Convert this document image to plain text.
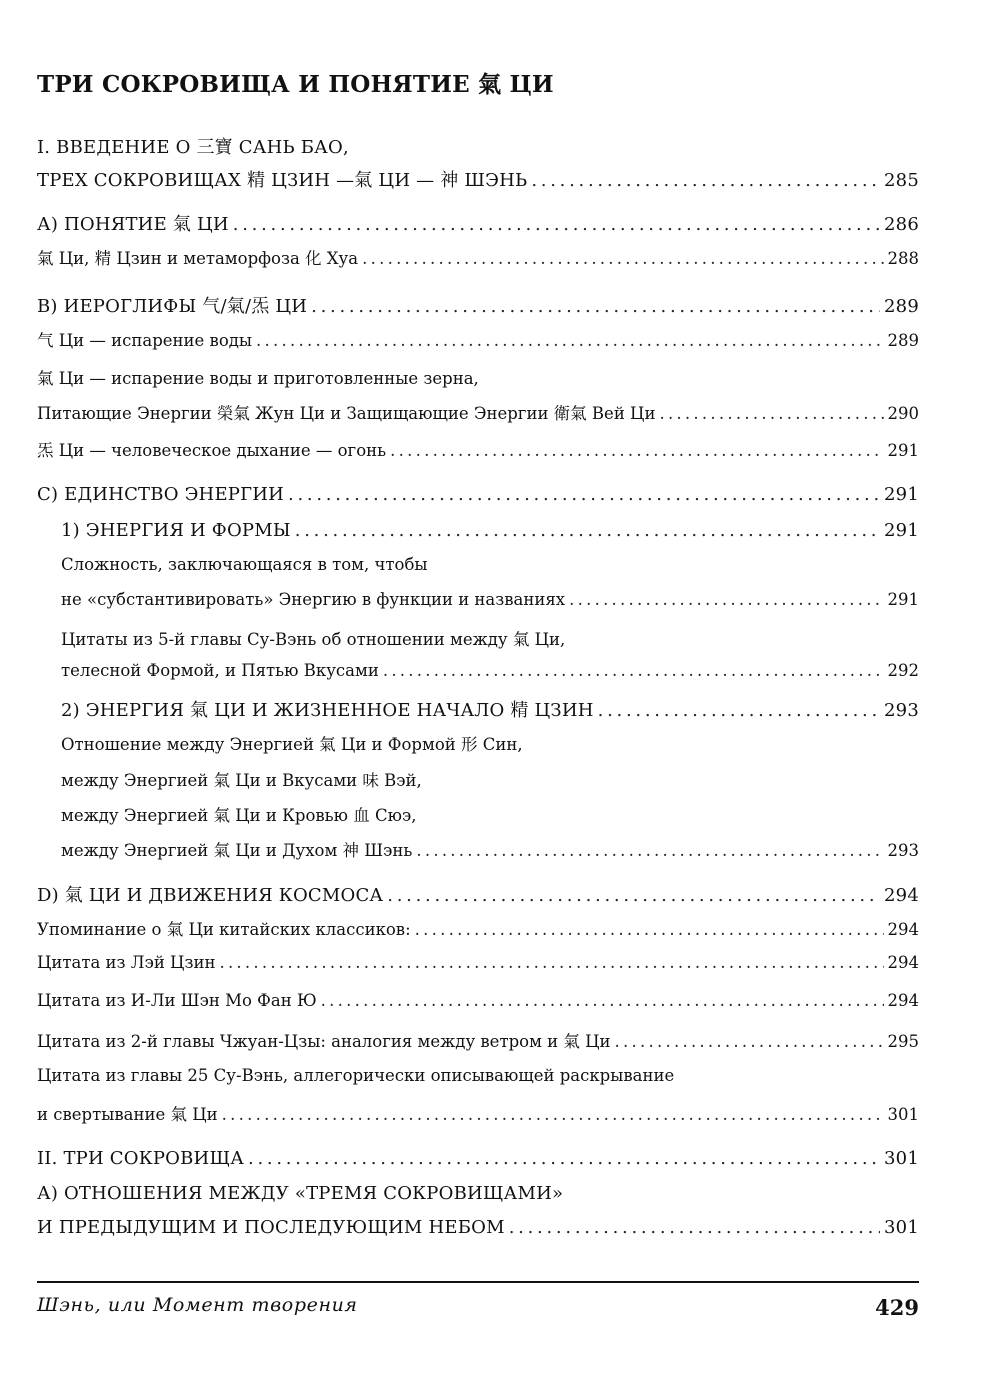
ТРИ СОКРОВИЩА И ПОНЯТИЕ 氣 ЦИ
I. ВВЕДЕНИЕ О 三寶 САНЬ БАО,
ТРЕХ СОКРОВИЩАХ 精 ЦЗИН —氣 ЦИ — 神 ШЭНЬ . . .	285
А) ПОНЯТИЕ 氣 ЦИ . . .	286
氣 Ци, 精 Цзин и метаморфоза 化 Хуа . . .	288
В) ИЕРОГЛИФЫ 气/氣/炁 ЦИ . . .	289
气 Ци — испарение воды . . .	289
氣 Ци — испарение воды и приготовленные зерна,
Питающие Энергии 榮氣 Жун Ци и Защищающие Энергии 衛氣 Вей Ци . . .	290
炁 Ци — человеческое дыхание — огонь . . .	291
С) ЕДИНСТВО ЭНЕРГИИ . . .	291
1) ЭНЕРГИЯ И ФОРМЫ . . .	291
Сложность, заключающаяся в том, чтобы
не «субстантивировать» Энергию в функции и названиях . . .	291
Цитаты из 5-й главы Су-Вэнь об отношении между 氣 Ци,
телесной Формой, и Пятью Вкусами . . .	292
2) ЭНЕРГИЯ 氣 ЦИ И ЖИЗНЕННОЕ НАЧАЛО 精 ЦЗИН . . .	293
Отношение между Энергией 氣 Ци и Формой 形 Син,
между Энергией 氣 Ци и Вкусами 味 Вэй,
между Энергией 氣 Ци и Кровью 血 Сюэ,
между Энергией 氣 Ци и Духом 神 Шэнь . . .	293
D) 氣 ЦИ И ДВИЖЕНИЯ КОСМОСА . . .	294
Упоминание о 氣 Ци китайских классиков: . . .	294
Цитата из Лэй Цзин . . .	294
Цитата из И-Ли Шэн Мо Фан Ю . . .	294
Цитата из 2-й главы Чжуан-Цзы: аналогия между ветром и 氣 Ци . . .	295
Цитата из главы 25 Су-Вэнь, аллегорически описывающей раскрывание
и свертывание 氣 Ци . . .	301
II. ТРИ СОКРОВИЩА . . .	301
А) ОТНОШЕНИЯ МЕЖДУ «ТРЕМЯ СОКРОВИЩАМИ»
И ПРЕДЫДУЩИМ И ПОСЛЕДУЮЩИМ НЕБОМ . . .	301
Шэнь, или Момент творения	429
